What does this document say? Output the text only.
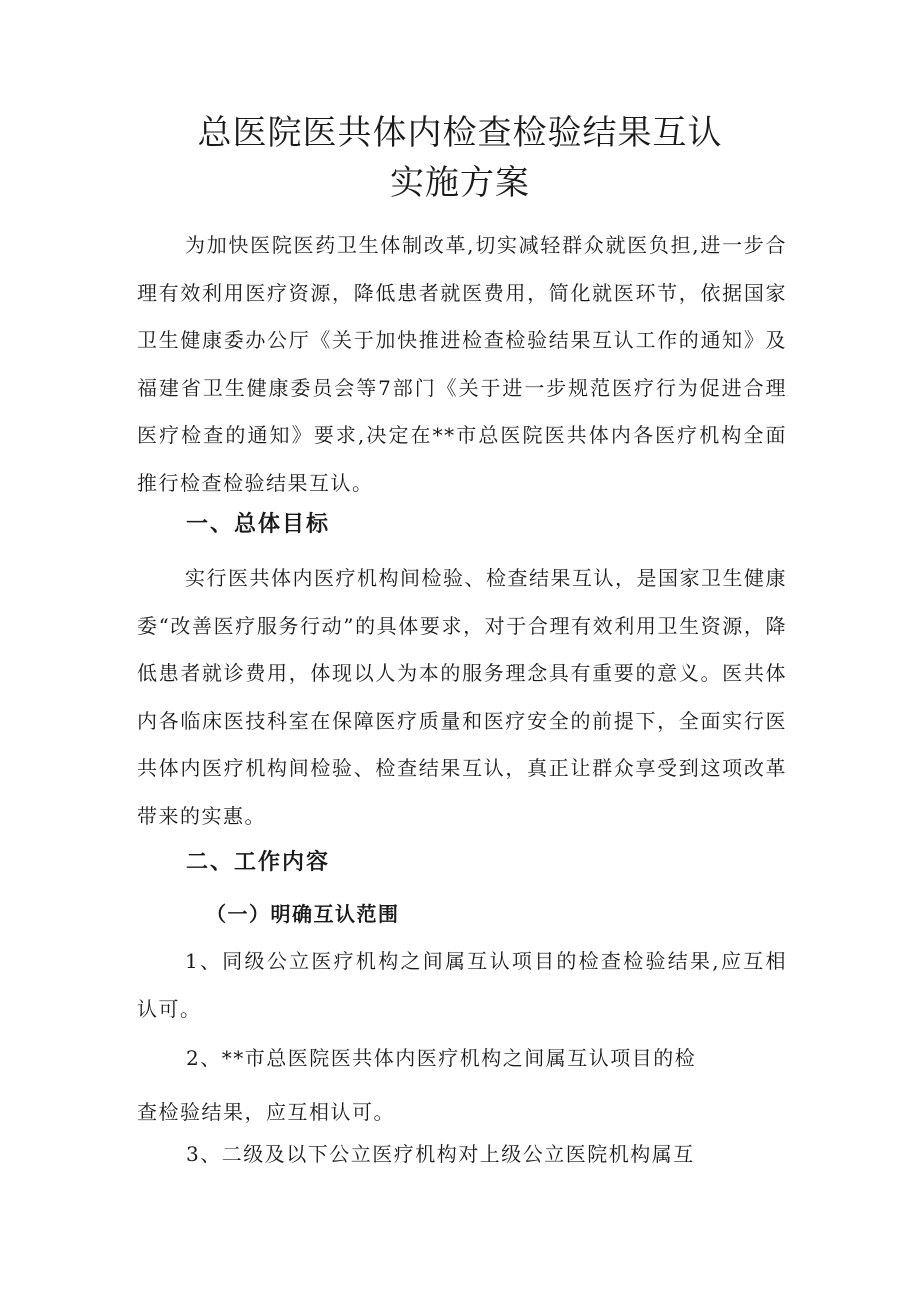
总医院医共体内检查检验结果互认
实施方案

为加快医院医药卫生体制改革,切实减轻群众就医负担,进一步合理有效利用医疗资源，降低患者就医费用，简化就医环节，依据国家卫生健康委办公厅《关于加快推进检查检验结果互认工作的通知》及福建省卫生健康委员会等7部门《关于进一步规范医疗行为促进合理医疗检查的通知》要求,决定在**市总医院医共体内各医疗机构全面推行检查检验结果互认。

一、总体目标

实行医共体内医疗机构间检验、检查结果互认，是国家卫生健康委“改善医疗服务行动”的具体要求，对于合理有效利用卫生资源，降低患者就诊费用，体现以人为本的服务理念具有重要的意义。医共体内各临床医技科室在保障医疗质量和医疗安全的前提下，全面实行医共体内医疗机构间检验、检查结果互认，真正让群众享受到这项改革带来的实惠。

二、工作内容
（一）明确互认范围

1、同级公立医疗机构之间属互认项目的检查检验结果,应互相认可。

2、**市总医院医共体内医疗机构之间属互认项目的检

查检验结果，应互相认可。

3、二级及以下公立医疗机构对上级公立医院机构属互
